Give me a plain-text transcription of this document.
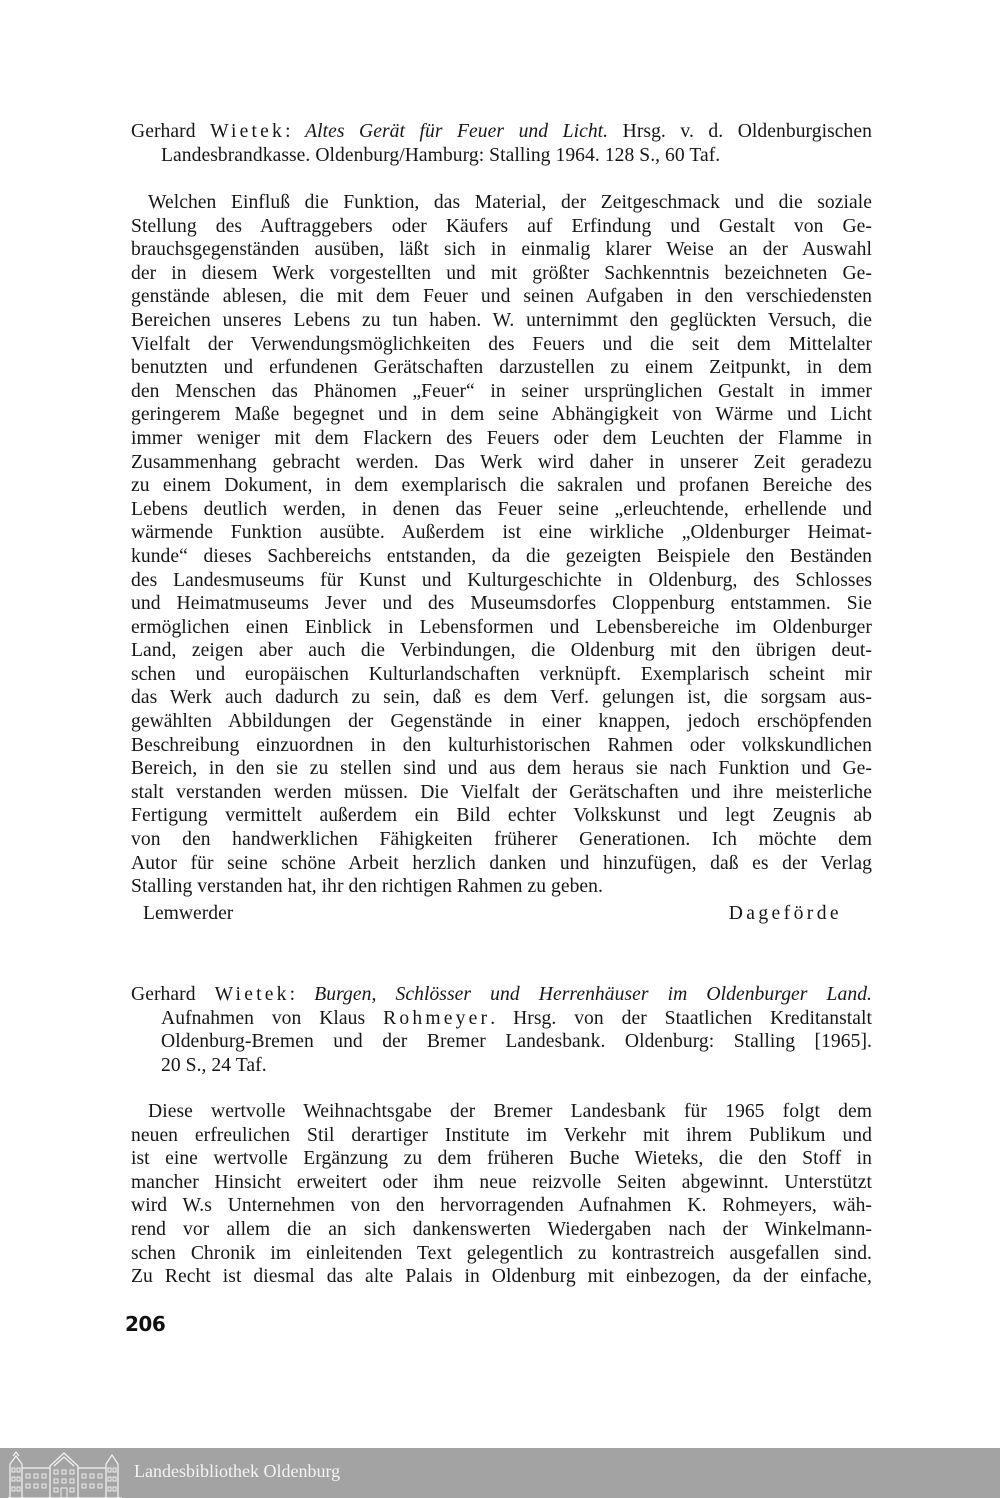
Gerhard Wietek: Altes Gerät für Feuer und Licht. Hrsg. v. d. Oldenburgischen
Landesbrandkasse. Oldenburg/Hamburg: Stalling 1964. 128 S., 60 Taf.
Welchen Einfluß die Funktion, das Material, der Zeitgeschmack und die soziale
Stellung des Auftraggebers oder Käufers auf Erfindung und Gestalt von Ge-
brauchsgegenständen ausüben, läßt sich in einmalig klarer Weise an der Auswahl
der in diesem Werk vorgestellten und mit größter Sachkenntnis bezeichneten Ge-
genstände ablesen, die mit dem Feuer und seinen Aufgaben in den verschiedensten
Bereichen unseres Lebens zu tun haben. W. unternimmt den geglückten Versuch, die
Vielfalt der Verwendungsmöglichkeiten des Feuers und die seit dem Mittelalter
benutzten und erfundenen Gerätschaften darzustellen zu einem Zeitpunkt, in dem
den Menschen das Phänomen „Feuer“ in seiner ursprünglichen Gestalt in immer
geringerem Maße begegnet und in dem seine Abhängigkeit von Wärme und Licht
immer weniger mit dem Flackern des Feuers oder dem Leuchten der Flamme in
Zusammenhang gebracht werden. Das Werk wird daher in unserer Zeit geradezu
zu einem Dokument, in dem exemplarisch die sakralen und profanen Bereiche des
Lebens deutlich werden, in denen das Feuer seine „erleuchtende, erhellende und
wärmende Funktion ausübte. Außerdem ist eine wirkliche „Oldenburger Heimat-
kunde“ dieses Sachbereichs entstanden, da die gezeigten Beispiele den Beständen
des Landesmuseums für Kunst und Kulturgeschichte in Oldenburg, des Schlosses
und Heimatmuseums Jever und des Museumsdorfes Cloppenburg entstammen. Sie
ermöglichen einen Einblick in Lebensformen und Lebensbereiche im Oldenburger
Land, zeigen aber auch die Verbindungen, die Oldenburg mit den übrigen deut-
schen und europäischen Kulturlandschaften verknüpft. Exemplarisch scheint mir
das Werk auch dadurch zu sein, daß es dem Verf. gelungen ist, die sorgsam aus-
gewählten Abbildungen der Gegenstände in einer knappen, jedoch erschöpfenden
Beschreibung einzuordnen in den kulturhistorischen Rahmen oder volkskundlichen
Bereich, in den sie zu stellen sind und aus dem heraus sie nach Funktion und Ge-
stalt verstanden werden müssen. Die Vielfalt der Gerätschaften und ihre meisterliche
Fertigung vermittelt außerdem ein Bild echter Volkskunst und legt Zeugnis ab
von den handwerklichen Fähigkeiten früherer Generationen. Ich möchte dem
Autor für seine schöne Arbeit herzlich danken und hinzufügen, daß es der Verlag
Stalling verstanden hat, ihr den richtigen Rahmen zu geben.
Lemwerder	Dageförde
Gerhard Wietek: Burgen, Schlösser und Herrenhäuser im Oldenburger Land.
Aufnahmen von Klaus Rohmeyer. Hrsg. von der Staatlichen Kreditanstalt
Oldenburg-Bremen und der Bremer Landesbank. Oldenburg: Stalling [1965].
20 S., 24 Taf.
Diese wertvolle Weihnachtsgabe der Bremer Landesbank für 1965 folgt dem
neuen erfreulichen Stil derartiger Institute im Verkehr mit ihrem Publikum und
ist eine wertvolle Ergänzung zu dem früheren Buche Wieteks, die den Stoff in
mancher Hinsicht erweitert oder ihm neue reizvolle Seiten abgewinnt. Unterstützt
wird W.s Unternehmen von den hervorragenden Aufnahmen K. Rohmeyers, wäh-
rend vor allem die an sich dankenswerten Wiedergaben nach der Winkelmann-
schen Chronik im einleitenden Text gelegentlich zu kontrastreich ausgefallen sind.
Zu Recht ist diesmal das alte Palais in Oldenburg mit einbezogen, da der einfache,
206
Landesbibliothek Oldenburg
